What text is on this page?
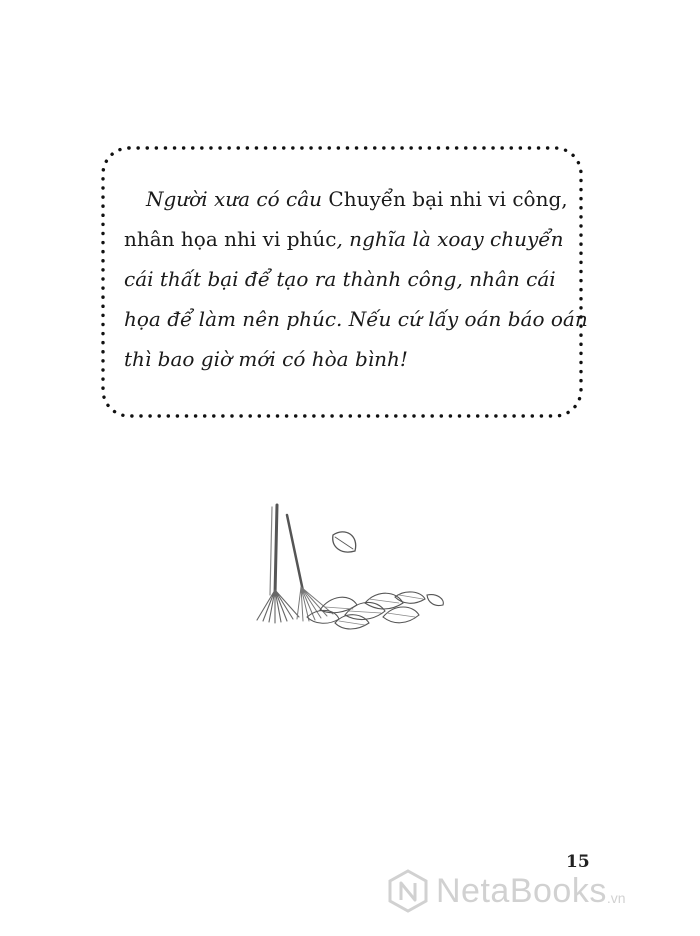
Người xưa có câu Chuyển bại nhi vi công,
nhân họa nhi vi phúc, nghĩa là xoay chuyển
cái thất bại để tạo ra thành công, nhân cái
họa để làm nên phúc. Nếu cứ lấy oán báo oán
thì bao giờ mới có hòa bình!
15
NetaBooks .vn
